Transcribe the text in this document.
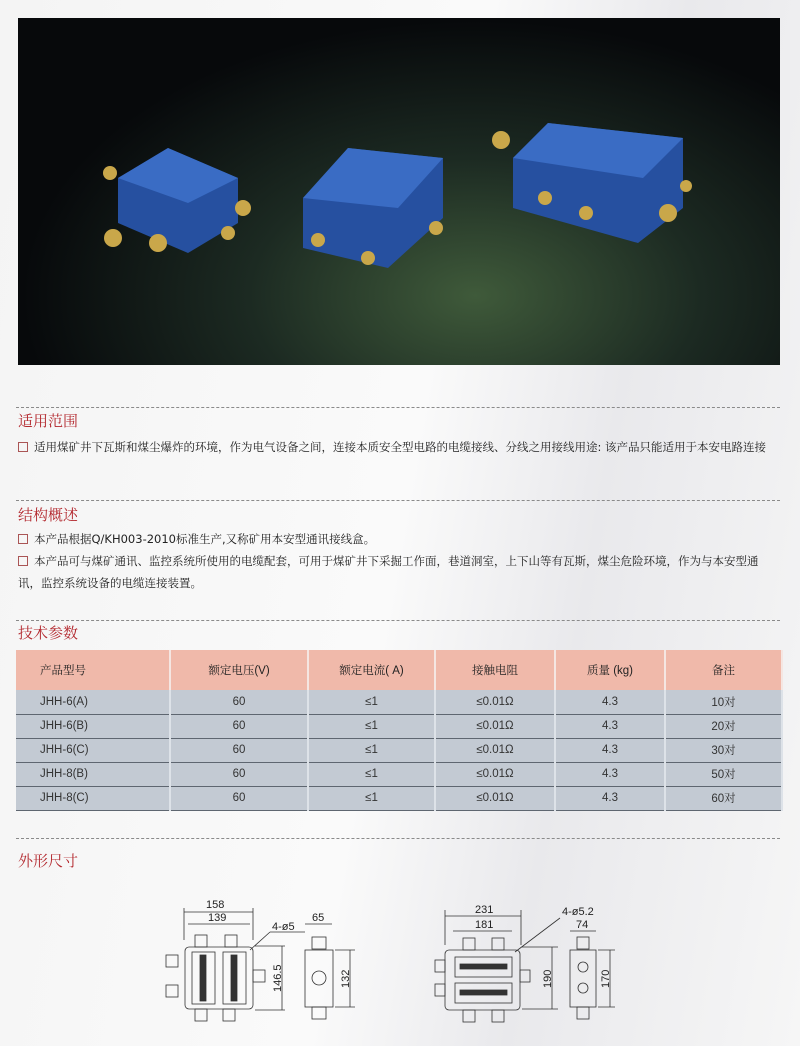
适用范围
适用煤矿井下瓦斯和煤尘爆炸的环境，作为电气设备之间，连接本质安全型电路的电缆接线、分线之用接线用途: 该产品只能适用于本安电路连接
结构概述
本产品根据Q/KH003-2010标准生产,又称矿用本安型通讯接线盒。
本产品可与煤矿通讯、监控系统所使用的电缆配套，可用于煤矿井下采掘工作面，巷道洞室，上下山等有瓦斯，煤尘危险环境，作为与本安型通讯，监控系统设备的电缆连接装置。
技术参数
产品型号	额定电压(V)	额定电流( A)	接触电阻	质量 (kg)	备注
JHH-6(A)	60	≤1	≤0.01Ω	4.3	10对
JHH-6(B)	60	≤1	≤0.01Ω	4.3	20对
JHH-6(C)	60	≤1	≤0.01Ω	4.3	30对
JHH-8(B)	60	≤1	≤0.01Ω	4.3	50对
JHH-8(C)	60	≤1	≤0.01Ω	4.3	60对
外形尺寸
158
139
4-ø5
65
146.5	132
231
181
4-ø5.2
74
190	170
